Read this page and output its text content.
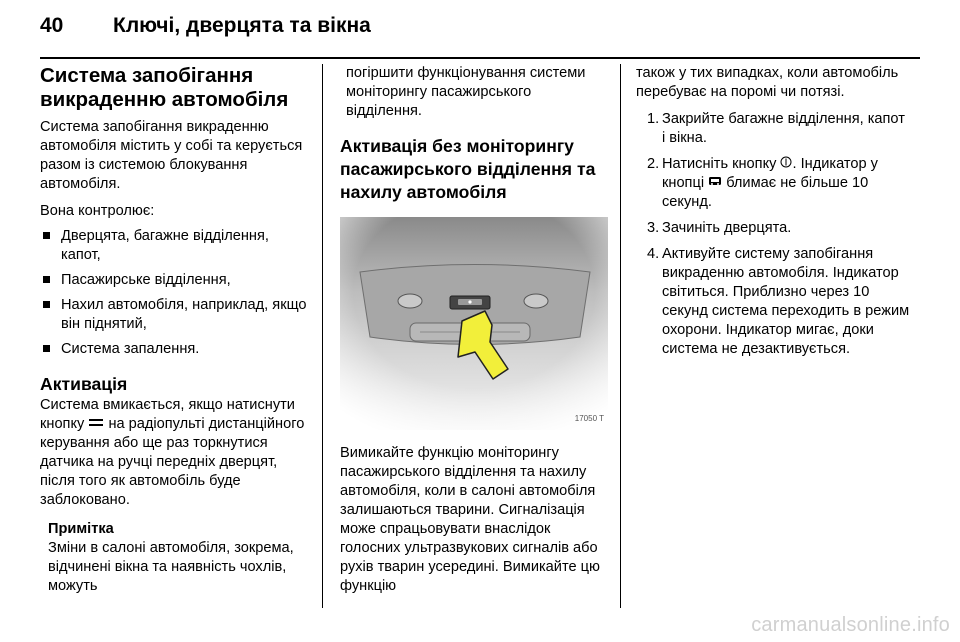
40 Ключі, дверцята та вікна

Система запобігання викраденню автомобіля

Система запобігання викраденню автомобіля містить у собі та керується разом із системою блокування автомобіля.

Вона контролює:

Дверцята, багажне відділення, капот,
Пасажирське відділення,
Нахил автомобіля, наприклад, якщо він піднятий,
Система запалення.

Активація

Система вмикається, якщо натиснути кнопку на радіопульті дистанційного керування або ще раз торкнутися датчика на ручці передніх дверцят, після того як автомобіль буде заблоковано.

Примітка

Зміни в салоні автомобіля, зокрема, відчинені вікна та наявність чохлів, можуть

погіршити функціонування системи моніторингу пасажирського відділення.

Активація без моніторингу пасажирського відділення та нахилу автомобіля

17050 T

Вимикайте функцію моніторингу пасажирського відділення та нахилу автомобіля, коли в салоні автомобіля залишаються тварини. Сигналізація може спрацьовувати внаслідок голосних ультразвукових сигналів або рухів тварин усередині. Вимикайте цю функцію

також у тих випадках, коли автомобіль перебуває на поромі чи потязі.

1. Закрийте багажне відділення, капот і вікна.
2. Натисніть кнопку . Індикатор у кнопці блимає не більше 10 секунд.
3. Зачиніть дверцята.
4. Активуйте систему запобігання викраденню автомобіля. Індикатор світиться. Приблизно через 10 секунд система переходить в режим охорони. Індикатор мигає, доки система не дезактивується.
carmanualsonline.info
